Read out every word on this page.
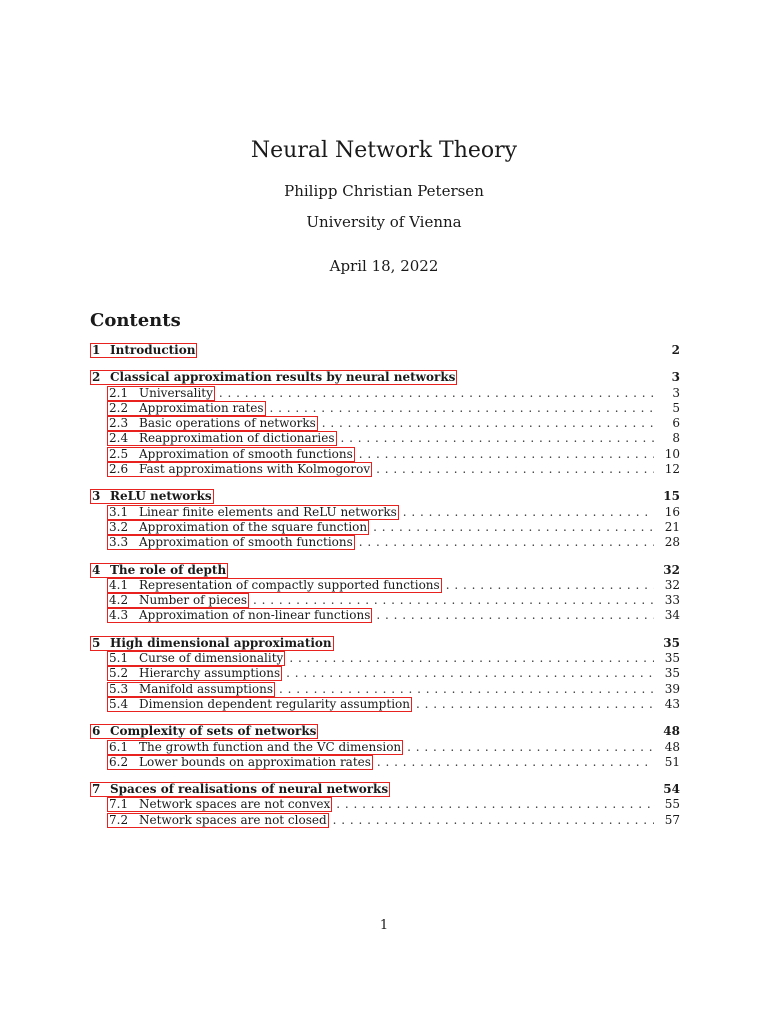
Neural Network Theory
Philipp Christian Petersen
University of Vienna
April 18, 2022
Contents
1 Introduction	2
2 Classical approximation results by neural networks	3
2.1 Universality . . .	3
2.2 Approximation rates . . .	5
2.3 Basic operations of networks . . .	6
2.4 Reapproximation of dictionaries . . .	8
2.5 Approximation of smooth functions . . .	10
2.6 Fast approximations with Kolmogorov . . .	12
3 ReLU networks	15
3.1 Linear finite elements and ReLU networks . . .	16
3.2 Approximation of the square function . . .	21
3.3 Approximation of smooth functions . . .	28
4 The role of depth	32
4.1 Representation of compactly supported functions . . .	32
4.2 Number of pieces . . .	33
4.3 Approximation of non-linear functions . . .	34
5 High dimensional approximation	35
5.1 Curse of dimensionality . . .	35
5.2 Hierarchy assumptions . . .	35
5.3 Manifold assumptions . . .	39
5.4 Dimension dependent regularity assumption . . .	43
6 Complexity of sets of networks	48
6.1 The growth function and the VC dimension . . .	48
6.2 Lower bounds on approximation rates . . .	51
7 Spaces of realisations of neural networks	54
7.1 Network spaces are not convex . . .	55
7.2 Network spaces are not closed . . .	57
1
